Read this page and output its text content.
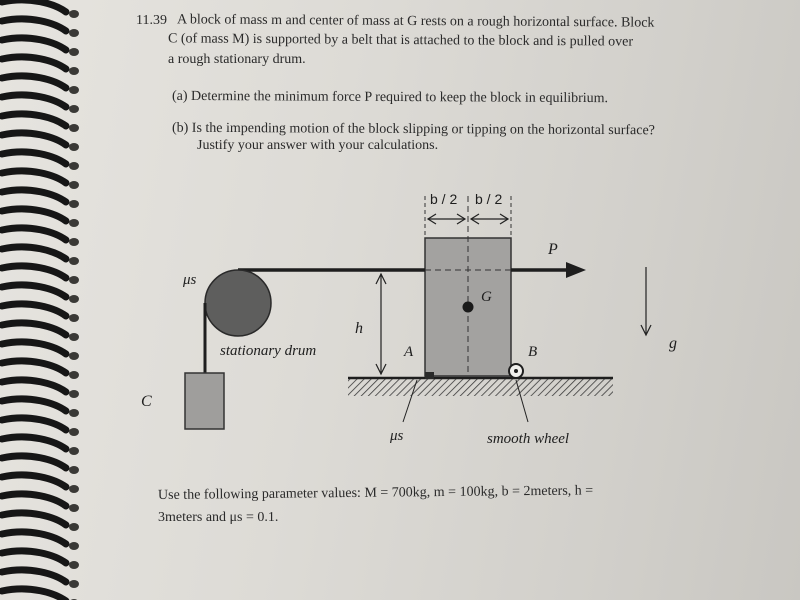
11.39 A block of mass m and center of mass at G rests on a rough horizontal surface. Block
C (of mass M) is supported by a belt that is attached to the block and is pulled over
a rough stationary drum.
(a) Determine the minimum force P required to keep the block in equilibrium.
(b) Is the impending motion of the block slipping or tipping on the horizontal surface?
Justify your answer with your calculations.
b / 2 b / 2
G
P
μs
stationary drum
C
h
A	B
μs	smooth wheel
g
Use the following parameter values: M = 700kg, m = 100kg, b = 2meters, h =
3meters and μs = 0.1.
